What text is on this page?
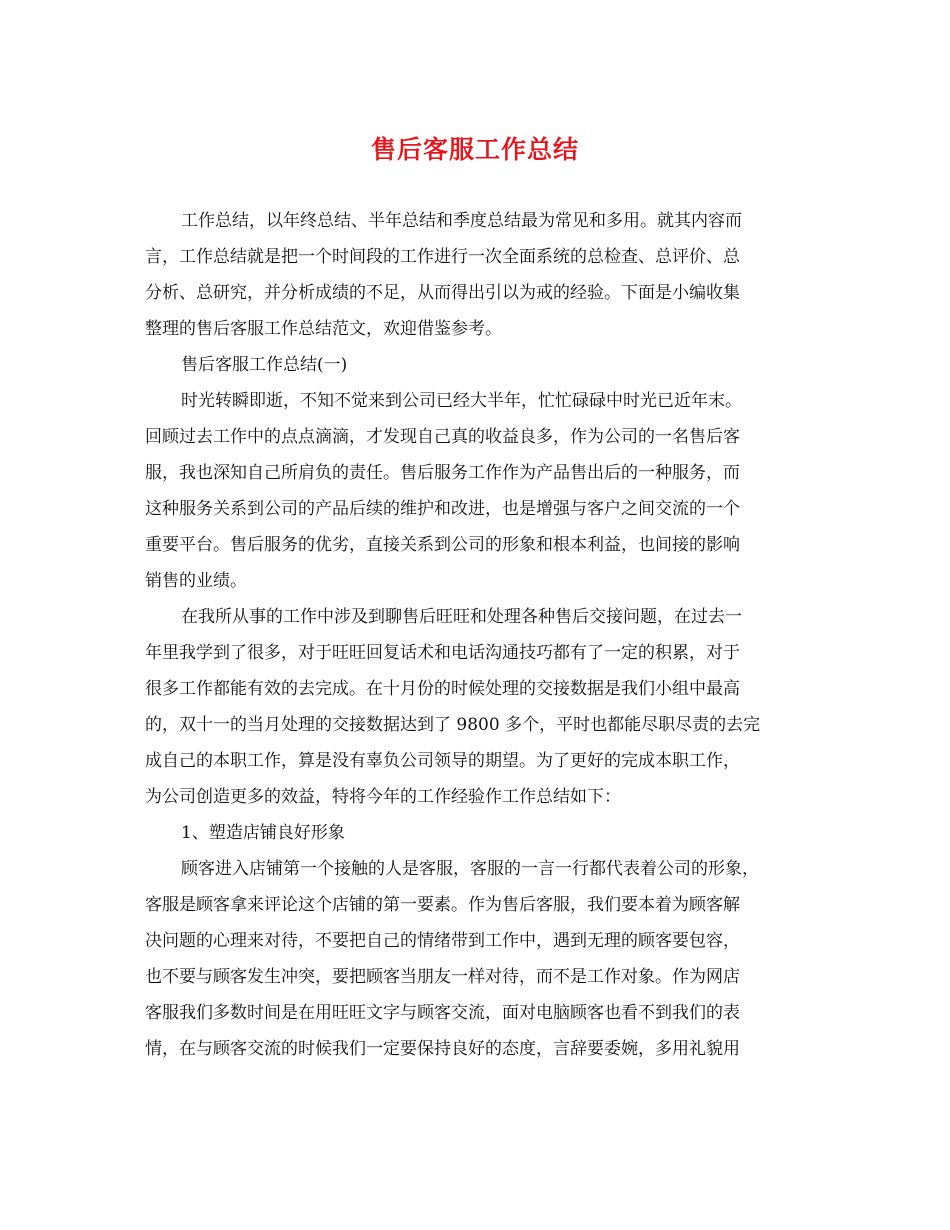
售后客服工作总结

工作总结，以年终总结、半年总结和季度总结最为常见和多用。就其内容而

言，工作总结就是把一个时间段的工作进行一次全面系统的总检查、总评价、总

分析、总研究，并分析成绩的不足，从而得出引以为戒的经验。下面是小编收集

整理的售后客服工作总结范文，欢迎借鉴参考。

售后客服工作总结(一)

时光转瞬即逝，不知不觉来到公司已经大半年，忙忙碌碌中时光已近年末。

回顾过去工作中的点点滴滴，才发现自己真的收益良多，作为公司的一名售后客

服，我也深知自己所肩负的责任。售后服务工作作为产品售出后的一种服务，而

这种服务关系到公司的产品后续的维护和改进，也是增强与客户之间交流的一个

重要平台。售后服务的优劣，直接关系到公司的形象和根本利益，也间接的影响

销售的业绩。

在我所从事的工作中涉及到聊售后旺旺和处理各种售后交接问题，在过去一

年里我学到了很多，对于旺旺回复话术和电话沟通技巧都有了一定的积累，对于

很多工作都能有效的去完成。在十月份的时候处理的交接数据是我们小组中最高

的，双十一的当月处理的交接数据达到了 9800 多个，平时也都能尽职尽责的去完

成自己的本职工作，算是没有辜负公司领导的期望。为了更好的完成本职工作，

为公司创造更多的效益，特将今年的工作经验作工作总结如下：

1、塑造店铺良好形象

顾客进入店铺第一个接触的人是客服，客服的一言一行都代表着公司的形象，

客服是顾客拿来评论这个店铺的第一要素。作为售后客服，我们要本着为顾客解

决问题的心理来对待，不要把自己的情绪带到工作中，遇到无理的顾客要包容，

也不要与顾客发生冲突，要把顾客当朋友一样对待，而不是工作对象。作为网店

客服我们多数时间是在用旺旺文字与顾客交流，面对电脑顾客也看不到我们的表

情，在与顾客交流的时候我们一定要保持良好的态度，言辞要委婉，多用礼貌用
